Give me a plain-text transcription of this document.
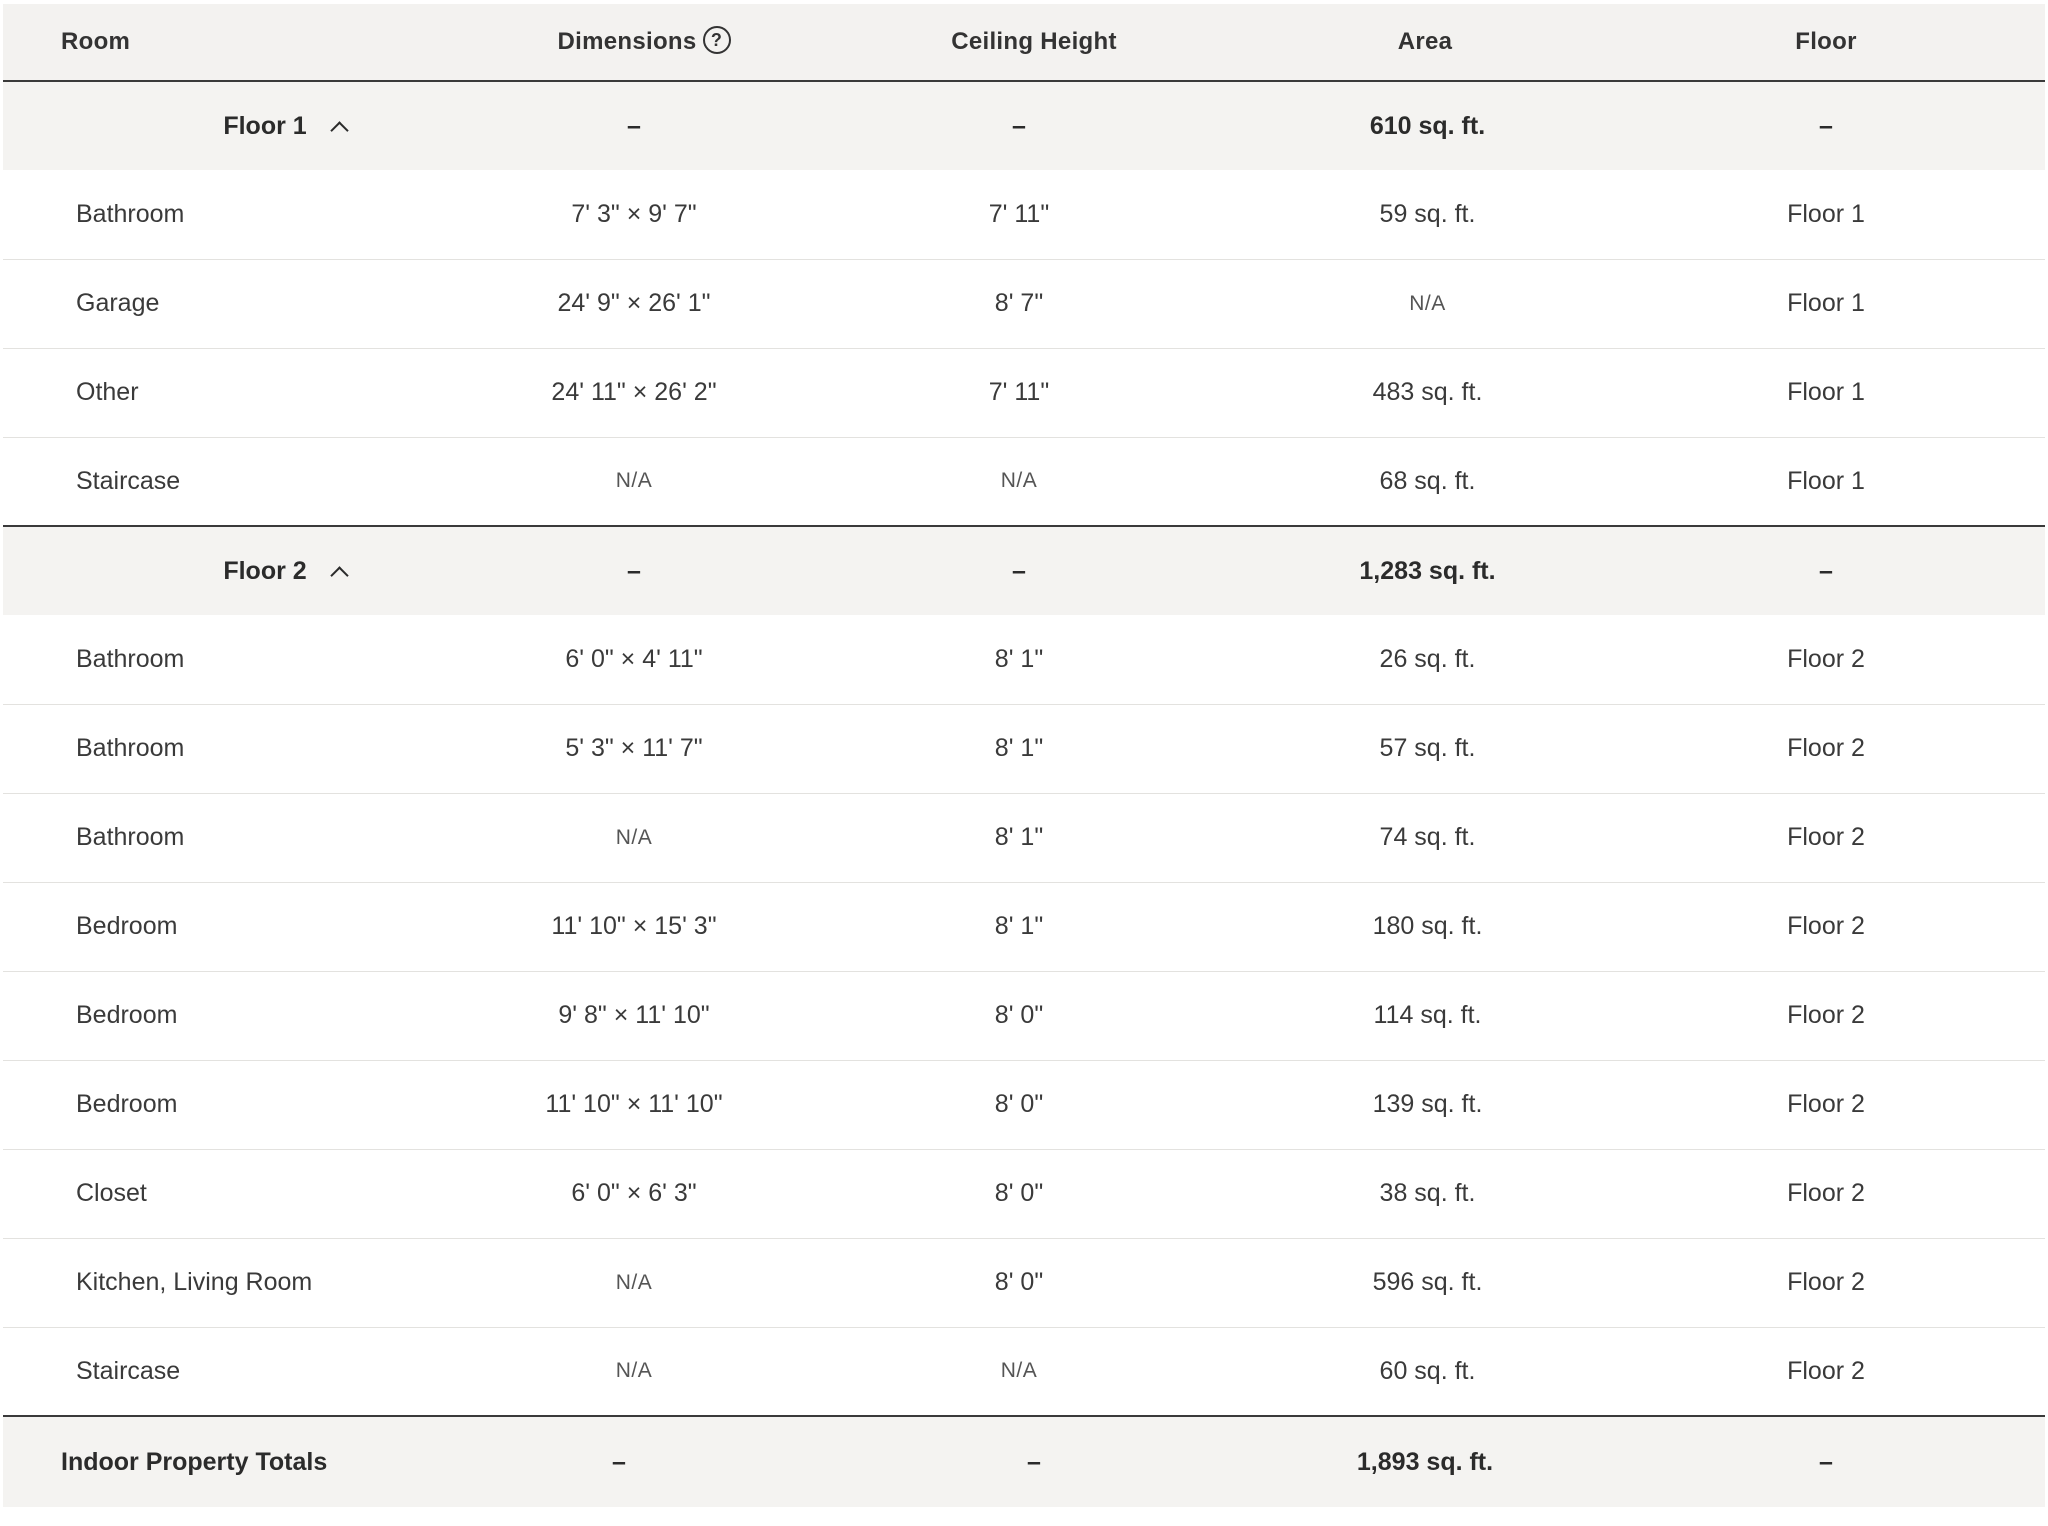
Room	Dimensions ?	Ceiling Height	Area	Floor

Floor 1	–	–	610 sq. ft.	–
Bathroom	7' 3" × 9' 7"	7' 11"	59 sq. ft.	Floor 1
Garage	24' 9" × 26' 1"	8' 7"	N/A	Floor 1
Other	24' 11" × 26' 2"	7' 11"	483 sq. ft.	Floor 1
Staircase	N/A	N/A	68 sq. ft.	Floor 1

Floor 2	–	–	1,283 sq. ft.	–
Bathroom	6' 0" × 4' 11"	8' 1"	26 sq. ft.	Floor 2
Bathroom	5' 3" × 11' 7"	8' 1"	57 sq. ft.	Floor 2
Bathroom	N/A	8' 1"	74 sq. ft.	Floor 2
Bedroom	11' 10" × 15' 3"	8' 1"	180 sq. ft.	Floor 2
Bedroom	9' 8" × 11' 10"	8' 0"	114 sq. ft.	Floor 2
Bedroom	11' 10" × 11' 10"	8' 0"	139 sq. ft.	Floor 2
Closet	6' 0" × 6' 3"	8' 0"	38 sq. ft.	Floor 2
Kitchen, Living Room	N/A	8' 0"	596 sq. ft.	Floor 2
Staircase	N/A	N/A	60 sq. ft.	Floor 2
Indoor Property Totals	–	–	1,893 sq. ft.	–
